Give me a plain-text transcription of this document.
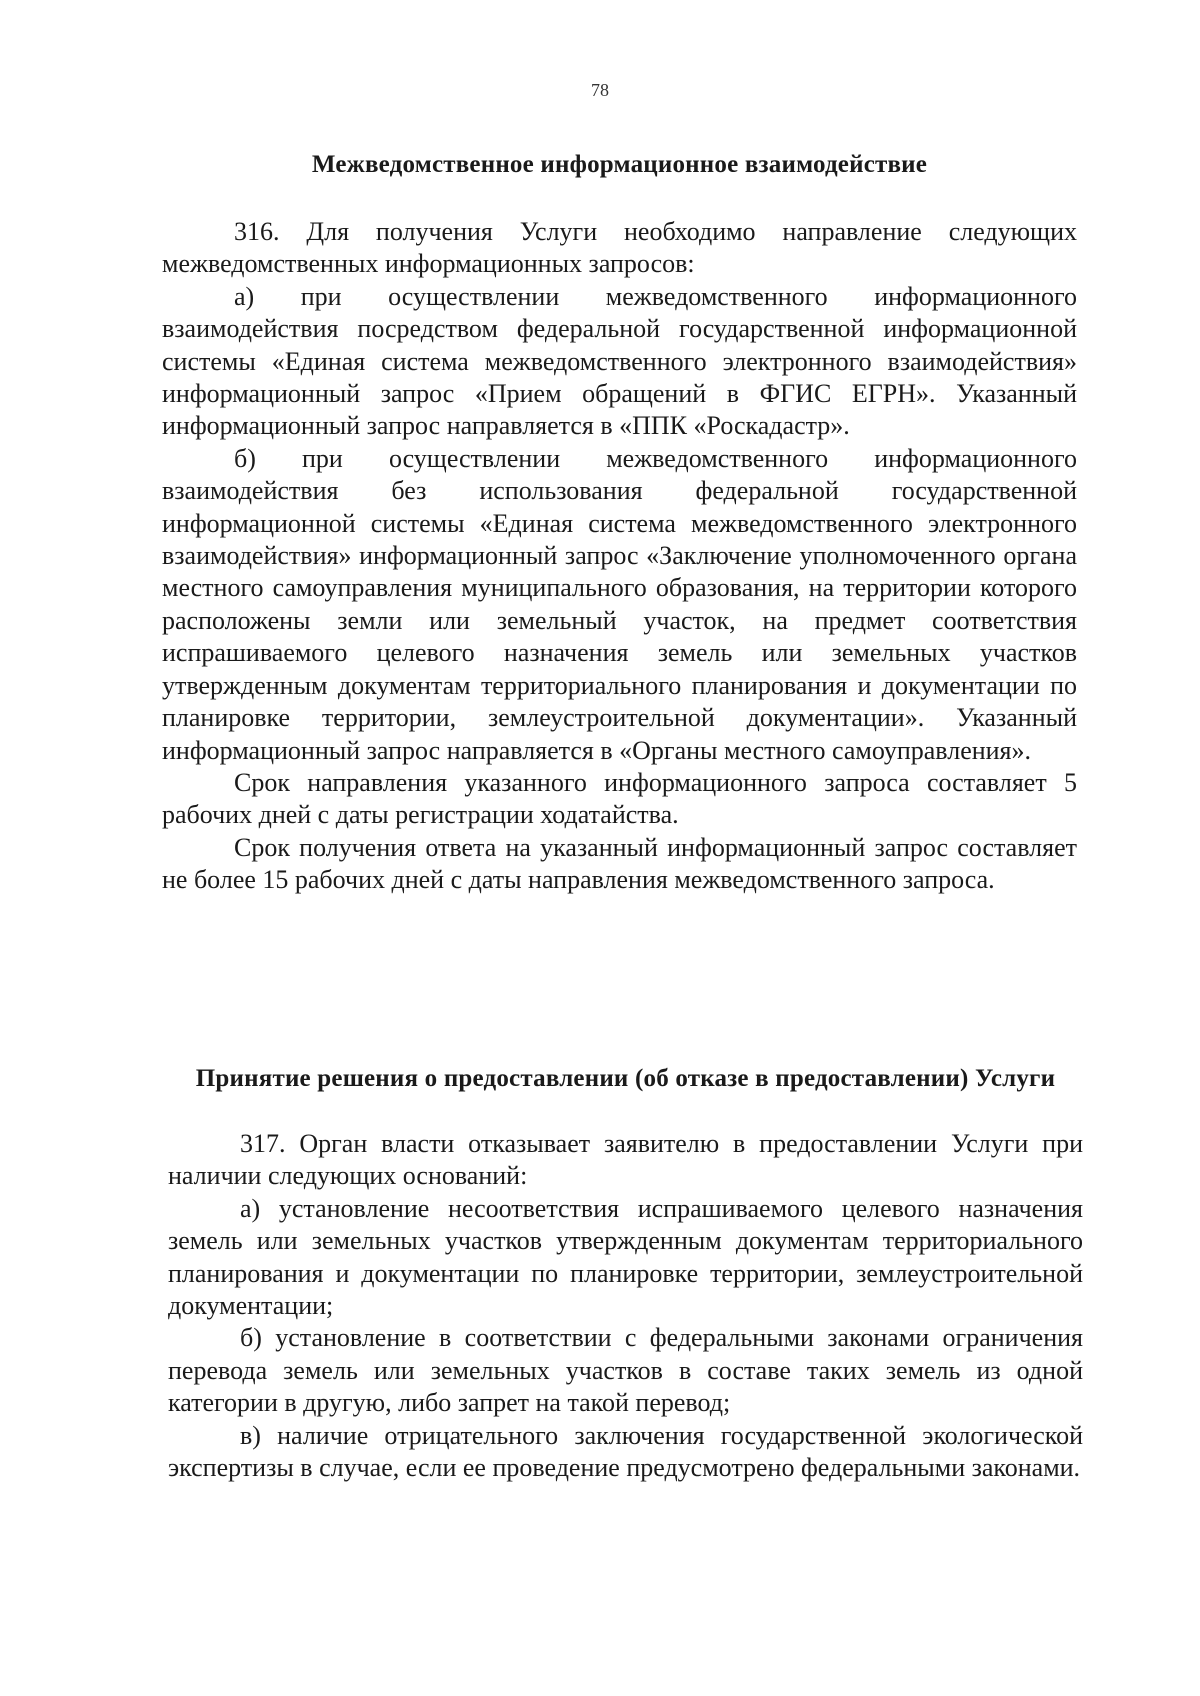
78
Межведомственное информационное взаимодействие

316. Для получения Услуги необходимо направление следующих межведомственных информационных запросов:

а) при осуществлении межведомственного информационного взаимодействия посредством федеральной государственной информационной системы «Единая система межведомственного электронного взаимодействия» информационный запрос «Прием обращений в ФГИС ЕГРН». Указанный информационный запрос направляется в «ППК «Роскадастр».

б) при осуществлении межведомственного информационного взаимодействия без использования федеральной государственной информационной системы «Единая система межведомственного электронного взаимодействия» информационный запрос «Заключение уполномоченного органа местного самоуправления муниципального образования, на территории которого расположены земли или земельный участок, на предмет соответствия испрашиваемого целевого назначения земель или земельных участков утвержденным документам территориального планирования и документации по планировке территории, землеустроительной документации». Указанный информационный запрос направляется в «Органы местного самоуправления».

Срок направления указанного информационного запроса составляет 5 рабочих дней с даты регистрации ходатайства.

Срок получения ответа на указанный информационный запрос составляет не более 15 рабочих дней с даты направления межведомственного запроса.

Принятие решения о предоставлении (об отказе в предоставлении) Услуги

317. Орган власти отказывает заявителю в предоставлении Услуги при наличии следующих оснований:

а) установление несоответствия испрашиваемого целевого назначения земель или земельных участков утвержденным документам территориального планирования и документации по планировке территории, землеустроительной документации;

б) установление в соответствии с федеральными законами ограничения перевода земель или земельных участков в составе таких земель из одной категории в другую, либо запрет на такой перевод;

в) наличие отрицательного заключения государственной экологической экспертизы в случае, если ее проведение предусмотрено федеральными законами.
